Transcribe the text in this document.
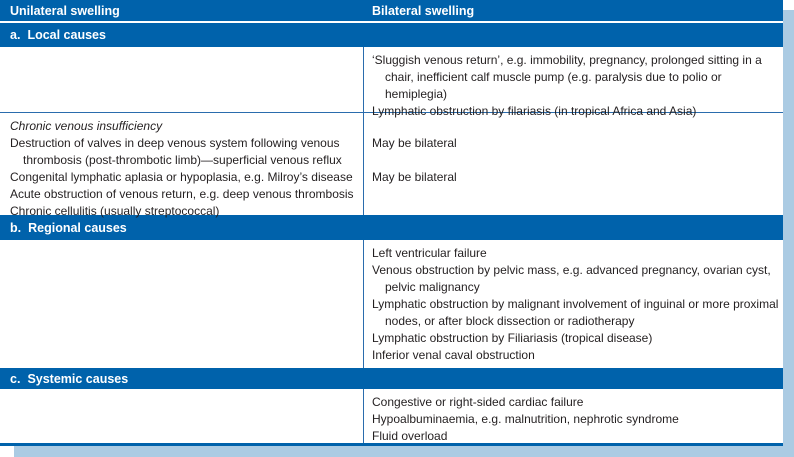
Unilateral swelling	Bilateral swelling
a. Local causes
‘Sluggish venous return’, e.g. immobility, pregnancy, prolonged sitting in a chair, inefficient calf muscle pump (e.g. paralysis due to polio or hemiplegia)
Lymphatic obstruction by filariasis (in tropical Africa and Asia)
Chronic venous insufficiency
Destruction of valves in deep venous system following venous thrombosis (post-thrombotic limb)—superficial venous reflux
Congenital lymphatic aplasia or hypoplasia, e.g. Milroy’s disease
Acute obstruction of venous return, e.g. deep venous thrombosis
Chronic cellulitis (usually streptococcal)
May be bilateral
May be bilateral
b. Regional causes
Left ventricular failure
Venous obstruction by pelvic mass, e.g. advanced pregnancy, ovarian cyst, pelvic malignancy
Lymphatic obstruction by malignant involvement of inguinal or more proximal nodes, or after block dissection or radiotherapy
Lymphatic obstruction by Filiariasis (tropical disease)
Inferior venal caval obstruction
c. Systemic causes
Congestive or right-sided cardiac failure
Hypoalbuminaemia, e.g. malnutrition, nephrotic syndrome
Fluid overload
